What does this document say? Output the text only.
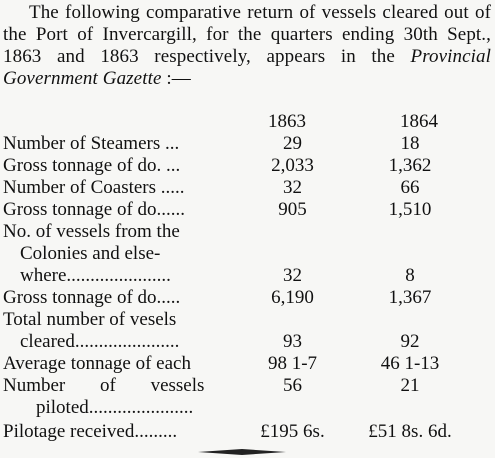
The following comparative return of vessels cleared out of the Port of Invercargill, for the quarters ending 30th Sept., 1863 and 1863 respectively, appears in the Provincial Government Gazette :—
1863	1864
Number of Steamers ...	29	18
Gross tonnage of do. ...	2,033	1,362
Number of Coasters .....	32	66
Gross tonnage of do......	905	1,510
No. of vessels from the
Colonies and else-
where......................	32	8
Gross tonnage of do.....	6,190	1,367
Total number of vesels
cleared......................	93	92
Average tonnage of each	98 1-7	46 1-13
Number of vessels	56	21
piloted......................
Pilotage received.........	£195 6s.	£51 8s. 6d.
